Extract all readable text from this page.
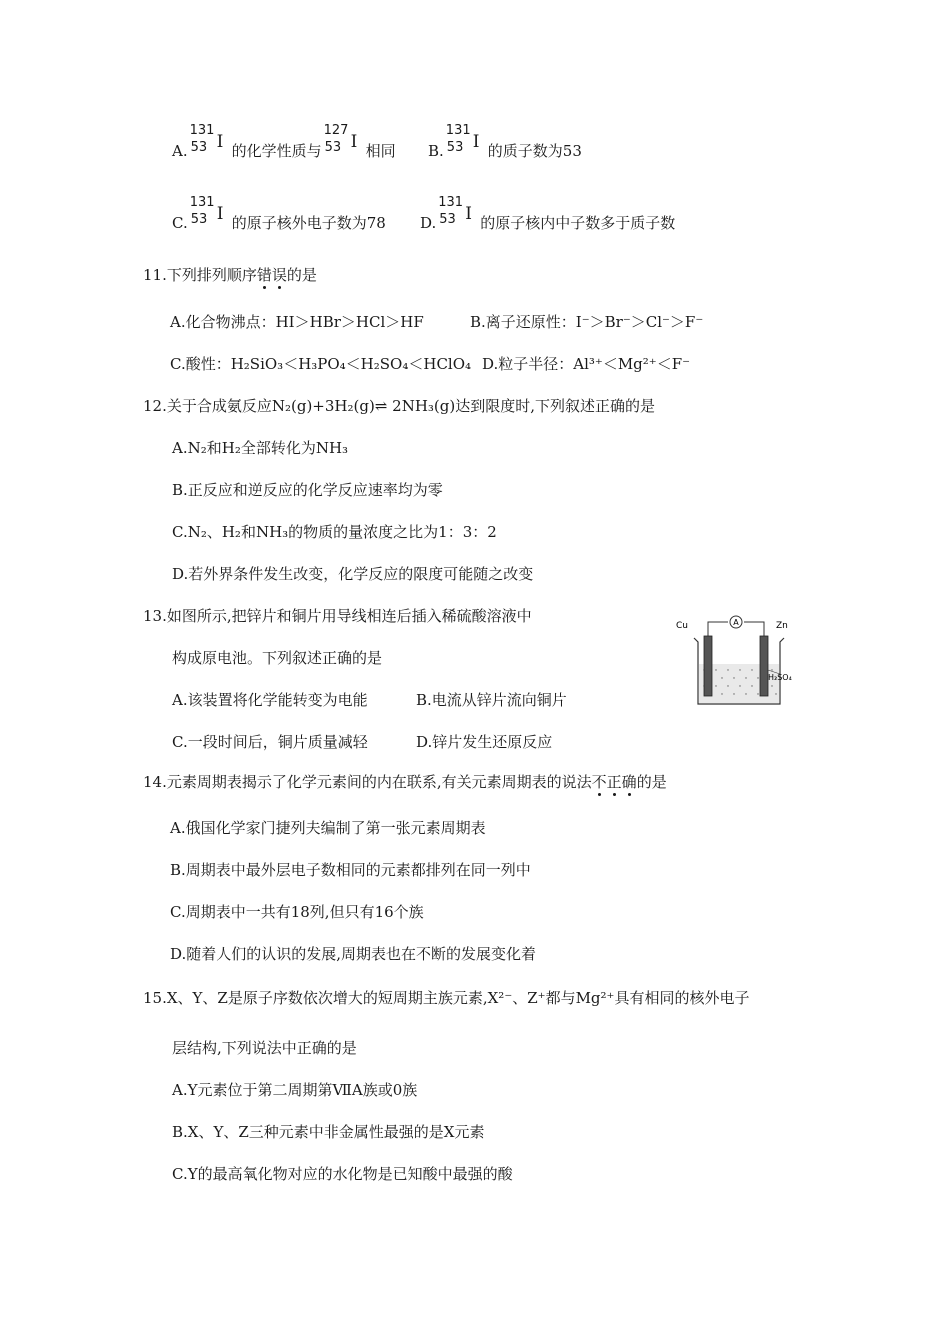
A.
131
53 I 的化学性质与
127
53 I 相同 B.
131
53 I 的质子数为53
C.
131
53 I 的原子核外电子数为78 D.
131
53 I 的原子核内中子数多于质子数
11.下列排列顺序错误的是
A.化合物沸点：HI＞HBr＞HCl＞HF	B.离子还原性：I⁻＞Br⁻＞Cl⁻＞F⁻
C.酸性：H₂SiO₃＜H₃PO₄＜H₂SO₄＜HClO₄ D.粒子半径：Al³⁺＜Mg²⁺＜F⁻
12.关于合成氨反应N₂(g)+3H₂(g)⇌ 2NH₃(g)达到限度时,下列叙述正确的是
A.N₂和H₂全部转化为NH₃
B.正反应和逆反应的化学反应速率均为零
C.N₂、H₂和NH₃的物质的量浓度之比为1：3：2
D.若外界条件发生改变，化学反应的限度可能随之改变
13.如图所示,把锌片和铜片用导线相连后插入稀硫酸溶液中
构成原电池。下列叙述正确的是
A.该装置将化学能转变为电能	B.电流从锌片流向铜片
C.一段时间后，铜片质量减轻	D.锌片发生还原反应
A
Cu	Zn
H₂SO₄
14.元素周期表揭示了化学元素间的内在联系,有关元素周期表的说法不正确的是
A.俄国化学家门捷列夫编制了第一张元素周期表
B.周期表中最外层电子数相同的元素都排列在同一列中
C.周期表中一共有18列,但只有16个族
D.随着人们的认识的发展,周期表也在不断的发展变化着
15.X、Y、Z是原子序数依次增大的短周期主族元素,X²⁻、Z⁺都与Mg²⁺具有相同的核外电子
层结构,下列说法中正确的是
A.Y元素位于第二周期第ⅦA族或0族
B.X、Y、Z三种元素中非金属性最强的是X元素
C.Y的最高氧化物对应的水化物是已知酸中最强的酸
